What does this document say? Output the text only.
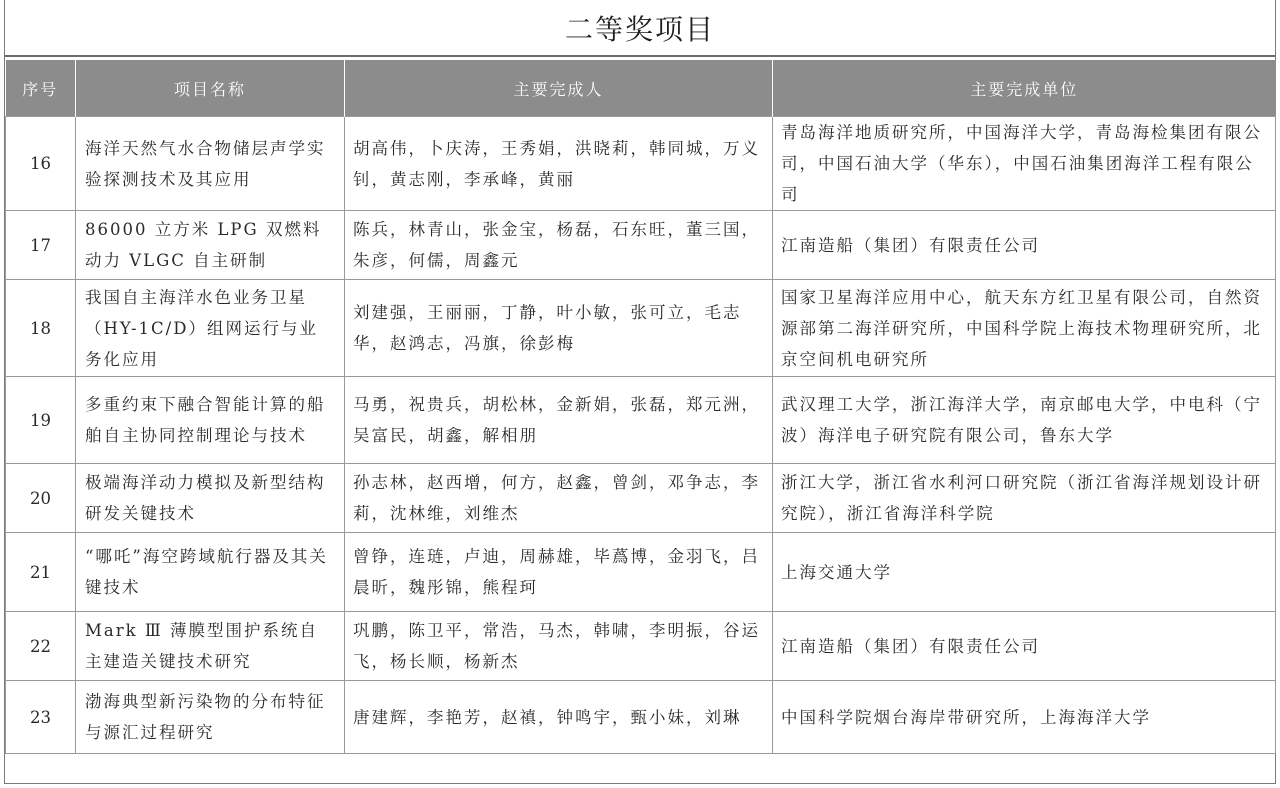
二等奖项目
序号	项目名称	主要完成人	主要完成单位
16	海洋天然气水合物储层声学实验探测技术及其应用	胡高伟，卜庆涛，王秀娟，洪晓莉，韩同城，万义钊，黄志刚，李承峰，黄丽	青岛海洋地质研究所，中国海洋大学，青岛海检集团有限公司，中国石油大学（华东），中国石油集团海洋工程有限公司
17	86000 立方米 LPG 双燃料动力 VLGC 自主研制	陈兵，林青山，张金宝，杨磊，石东旺，董三国，朱彦，何儒，周鑫元	江南造船（集团）有限责任公司
18	我国自主海洋水色业务卫星（HY-1C/D）组网运行与业务化应用	刘建强，王丽丽，丁静，叶小敏，张可立，毛志华，赵鸿志，冯旗，徐彭梅	国家卫星海洋应用中心，航天东方红卫星有限公司，自然资源部第二海洋研究所，中国科学院上海技术物理研究所，北京空间机电研究所
19	多重约束下融合智能计算的船舶自主协同控制理论与技术	马勇，祝贵兵，胡松林，金新娟，张磊，郑元洲，吴富民，胡鑫，解相朋	武汉理工大学，浙江海洋大学，南京邮电大学，中电科（宁波）海洋电子研究院有限公司，鲁东大学
20	极端海洋动力模拟及新型结构研发关键技术	孙志林，赵西增，何方，赵鑫，曾剑，邓争志，李莉，沈林维，刘维杰	浙江大学，浙江省水利河口研究院（浙江省海洋规划设计研究院），浙江省海洋科学院
21	“哪吒”海空跨域航行器及其关键技术	曾铮，连琏，卢迪，周赫雄，毕蔿博，金羽飞，吕晨昕，魏彤锦，熊程珂	上海交通大学
22	Mark Ⅲ 薄膜型围护系统自主建造关键技术研究	巩鹏，陈卫平，常浩，马杰，韩啸，李明振，谷运飞，杨长顺，杨新杰	江南造船（集团）有限责任公司
23	渤海典型新污染物的分布特征与源汇过程研究	唐建辉，李艳芳，赵禛，钟鸣宇，甄小妹，刘琳	中国科学院烟台海岸带研究所，上海海洋大学
